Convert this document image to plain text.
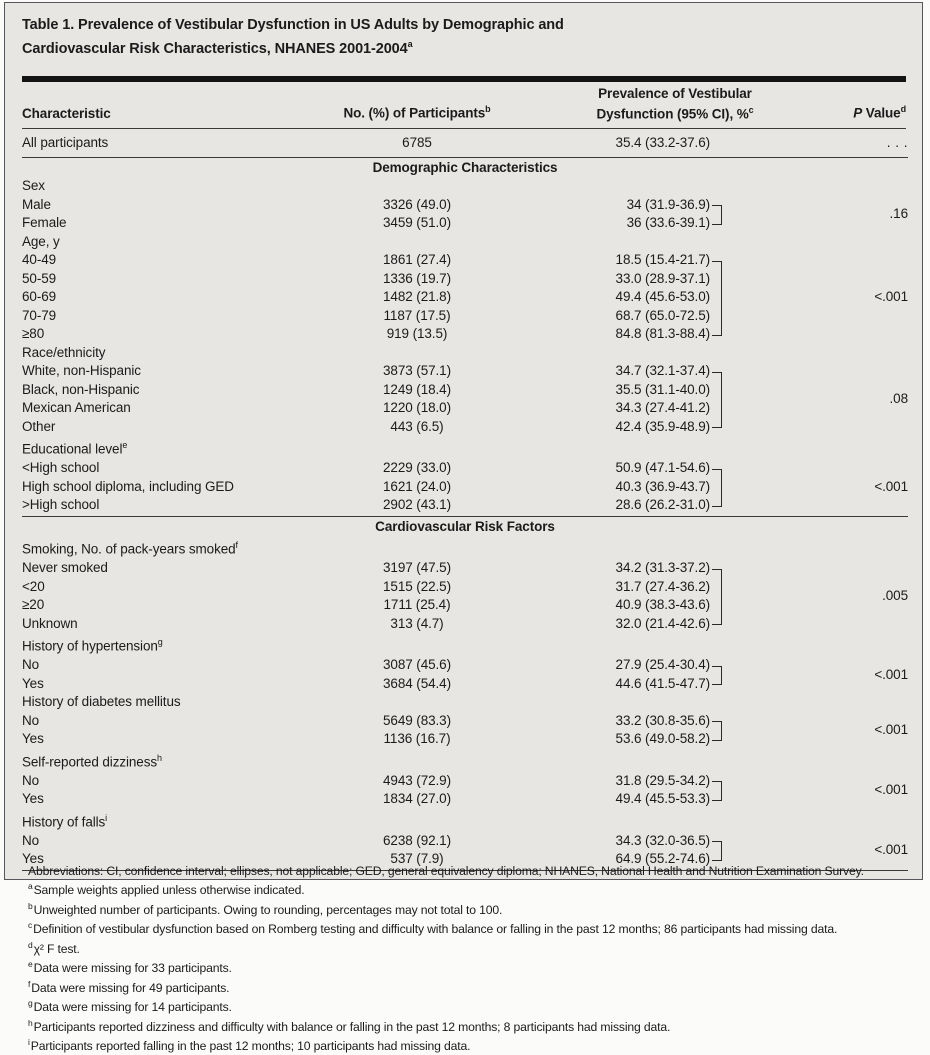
Table 1. Prevalence of Vestibular Dysfunction in US Adults by Demographic and
Cardiovascular Risk Characteristics, NHANES 2001-2004$^a$
Characteristic	No. (%) of Participants$^b$
Prevalence of Vestibular
Dysfunction (95% CI), %$^c$	P Value$^d$
All participants	6785	35.4 (33.2-37.6)		. . .

Demographic Characteristics				
Sex				
Male	3326 (49.0)	34 (31.9-36.9)		.16
Female	3459 (51.0)	36 (33.6-39.1)		

Age, y				
40-49	1861 (27.4)	18.5 (15.4-21.7)		<.001
50-59	1336 (19.7)	33.0 (28.9-37.1)		

60-69	1482 (21.8)	49.4 (45.6-53.0)		

70-79	1187 (17.5)	68.7 (65.0-72.5)		

≥80	919 (13.5)	84.8 (81.3-88.4)		

Race/ethnicity				
White, non-Hispanic	3873 (57.1)	34.7 (32.1-37.4)		.08
Black, non-Hispanic	1249 (18.4)	35.5 (31.1-40.0)		

Mexican American	1220 (18.0)	34.3 (27.4-41.2)		

Other	443 (6.5)	42.4 (35.9-48.9)		

Educational level$^e$
<High school	2229 (33.0)	50.9 (47.1-54.6)		<.001
High school diploma, including GED	1621 (24.0)	40.3 (36.9-43.7)		

>High school	2902 (43.1)	28.6 (26.2-31.0)		

Cardiovascular Risk Factors				
Smoking, No. of pack-years smoked$^f$
Never smoked	3197 (47.5)	34.2 (31.3-37.2)		.005
<20	1515 (22.5)	31.7 (27.4-36.2)		

≥20	1711 (25.4)	40.9 (38.3-43.6)		

Unknown	313 (4.7)	32.0 (21.4-42.6)		

History of hypertension$^g$
No	3087 (45.6)	27.9 (25.4-30.4)		<.001
Yes	3684 (54.4)	44.6 (41.5-47.7)		

History of diabetes mellitus				
No	5649 (83.3)	33.2 (30.8-35.6)		<.001
Yes	1136 (16.7)	53.6 (49.0-58.2)		

Self-reported dizziness$^h$
No	4943 (72.9)	31.8 (29.5-34.2)		<.001
Yes	1834 (27.0)	49.4 (45.5-53.3)		

History of falls$^i$
No	6238 (92.1)	34.3 (32.0-36.5)		<.001
Yes	537 (7.9)	64.9 (55.2-74.6)		

Abbreviations: CI, confidence interval; ellipses, not applicable; GED, general equivalency diploma; NHANES, National Health and Nutrition Examination Survey.
$^a$Sample weights applied unless otherwise indicated.
$^b$Unweighted number of participants. Owing to rounding, percentages may not total to 100.
$^c$Definition of vestibular dysfunction based on Romberg testing and difficulty with balance or falling in the past 12 months; 86 participants had missing data.
$^d$χ² F test.
$^e$Data were missing for 33 participants.
$^f$Data were missing for 49 participants.
$^g$Data were missing for 14 participants.
$^h$Participants reported dizziness and difficulty with balance or falling in the past 12 months; 8 participants had missing data.
$^i$Participants reported falling in the past 12 months; 10 participants had missing data.
